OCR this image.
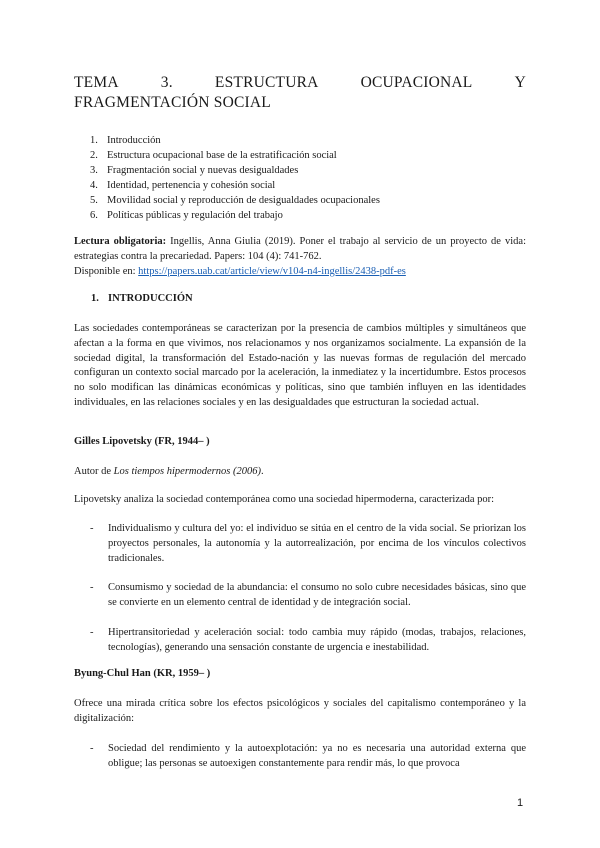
TEMA	3.	ESTRUCTURA	OCUPACIONAL	Y
FRAGMENTACIÓN SOCIAL
1. Introducción
2. Estructura ocupacional base de la estratificación social
3. Fragmentación social y nuevas desigualdades
4. Identidad, pertenencia y cohesión social
5. Movilidad social y reproducción de desigualdades ocupacionales
6. Políticas públicas y regulación del trabajo
Lectura obligatoria: Ingellis, Anna Giulia (2019). Poner el trabajo al servicio de un proyecto de vida: estrategias contra la precariedad. Papers: 104 (4): 741-762.
Disponible en: https://papers.uab.cat/article/view/v104-n4-ingellis/2438-pdf-es
1. INTRODUCCIÓN
Las sociedades contemporáneas se caracterizan por la presencia de cambios múltiples y simultáneos que afectan a la forma en que vivimos, nos relacionamos y nos organizamos socialmente. La expansión de la sociedad digital, la transformación del Estado-nación y las nuevas formas de regulación del mercado configuran un contexto social marcado por la aceleración, la inmediatez y la incertidumbre. Estos procesos no solo modifican las dinámicas económicas y políticas, sino que también influyen en las identidades individuales, en las relaciones sociales y en las desigualdades que estructuran la sociedad actual.
Gilles Lipovetsky (FR, 1944– )
Autor de Los tiempos hipermodernos (2006).
Lipovetsky analiza la sociedad contemporánea como una sociedad hipermoderna, caracterizada por:
- Individualismo y cultura del yo: el individuo se sitúa en el centro de la vida social. Se priorizan los proyectos personales, la autonomía y la autorrealización, por encima de los vínculos colectivos tradicionales.
- Consumismo y sociedad de la abundancia: el consumo no solo cubre necesidades básicas, sino que se convierte en un elemento central de identidad y de integración social.
- Hipertransitoriedad y aceleración social: todo cambia muy rápido (modas, trabajos, relaciones, tecnologías), generando una sensación constante de urgencia e inestabilidad.
Byung-Chul Han (KR, 1959– )
Ofrece una mirada crítica sobre los efectos psicológicos y sociales del capitalismo contemporáneo y la digitalización:
- Sociedad del rendimiento y la autoexplotación: ya no es necesaria una autoridad externa que obligue; las personas se autoexigen constantemente para rendir más, lo que provoca
1
